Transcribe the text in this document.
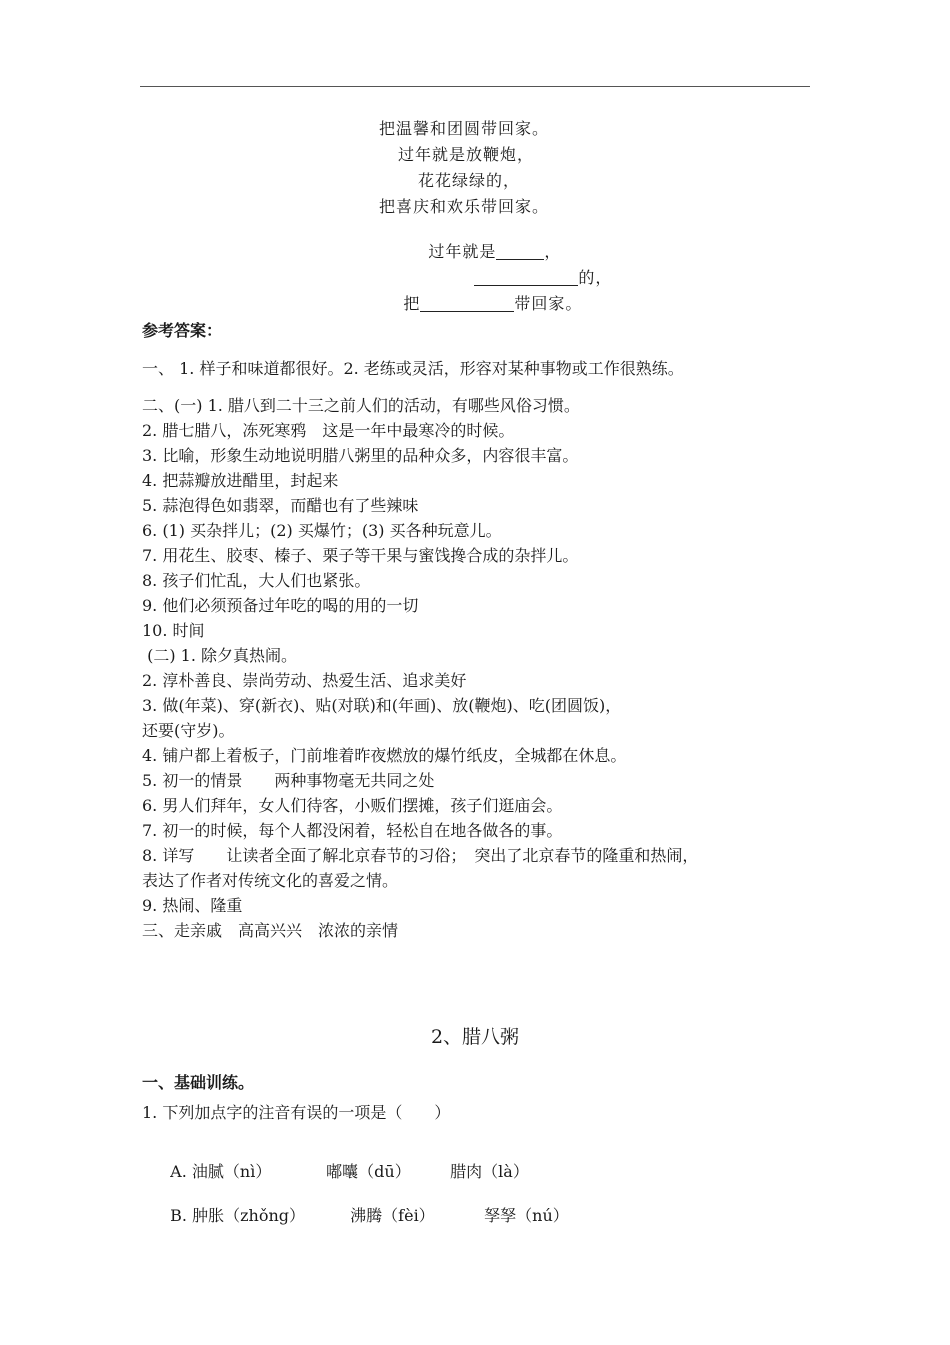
把温馨和团圆带回家。
过年就是放鞭炮，
花花绿绿的，
把喜庆和欢乐带回家。

过年就是	，

的，

把	带回家。

参考答案：
一、 1. 样子和味道都很好。2. 老练或灵活，形容对某种事物或工作很熟练。
二、(一) 1. 腊八到二十三之前人们的活动，有哪些风俗习惯。
2. 腊七腊八，冻死寒鸦　这是一年中最寒冷的时候。
3. 比喻，形象生动地说明腊八粥里的品种众多，内容很丰富。
4. 把蒜瓣放进醋里，封起来
5. 蒜泡得色如翡翠，而醋也有了些辣味
6. (1) 买杂拌儿；(2) 买爆竹；(3) 买各种玩意儿。
7. 用花生、胶枣、榛子、栗子等干果与蜜饯搀合成的杂拌儿。
8. 孩子们忙乱，大人们也紧张。
9. 他们必须预备过年吃的喝的用的一切
10. 时间
(二) 1. 除夕真热闹。
2. 淳朴善良、崇尚劳动、热爱生活、追求美好
3. 做(年菜)、穿(新衣)、贴(对联)和(年画)、放(鞭炮)、吃(团圆饭)，
还要(守岁)。
4. 铺户都上着板子，门前堆着昨夜燃放的爆竹纸皮，全城都在休息。
5. 初一的情景　　两种事物毫无共同之处
6. 男人们拜年，女人们待客，小贩们摆摊，孩子们逛庙会。
7. 初一的时候，每个人都没闲着，轻松自在地各做各的事。
8. 详写　　让读者全面了解北京春节的习俗；　突出了北京春节的隆重和热闹，
表达了作者对传统文化的喜爱之情。
9. 热闹、隆重
三、走亲戚　高高兴兴　浓浓的亲情
2、腊八粥
一、基础训练。
1. 下列加点字的注音有误的一项是（　　）

A. 油腻（nì）	嘟囔（dū） 腊肉（là）

B. 肿胀（zhǒng）	沸腾（fèi）	孥孥（nú）
